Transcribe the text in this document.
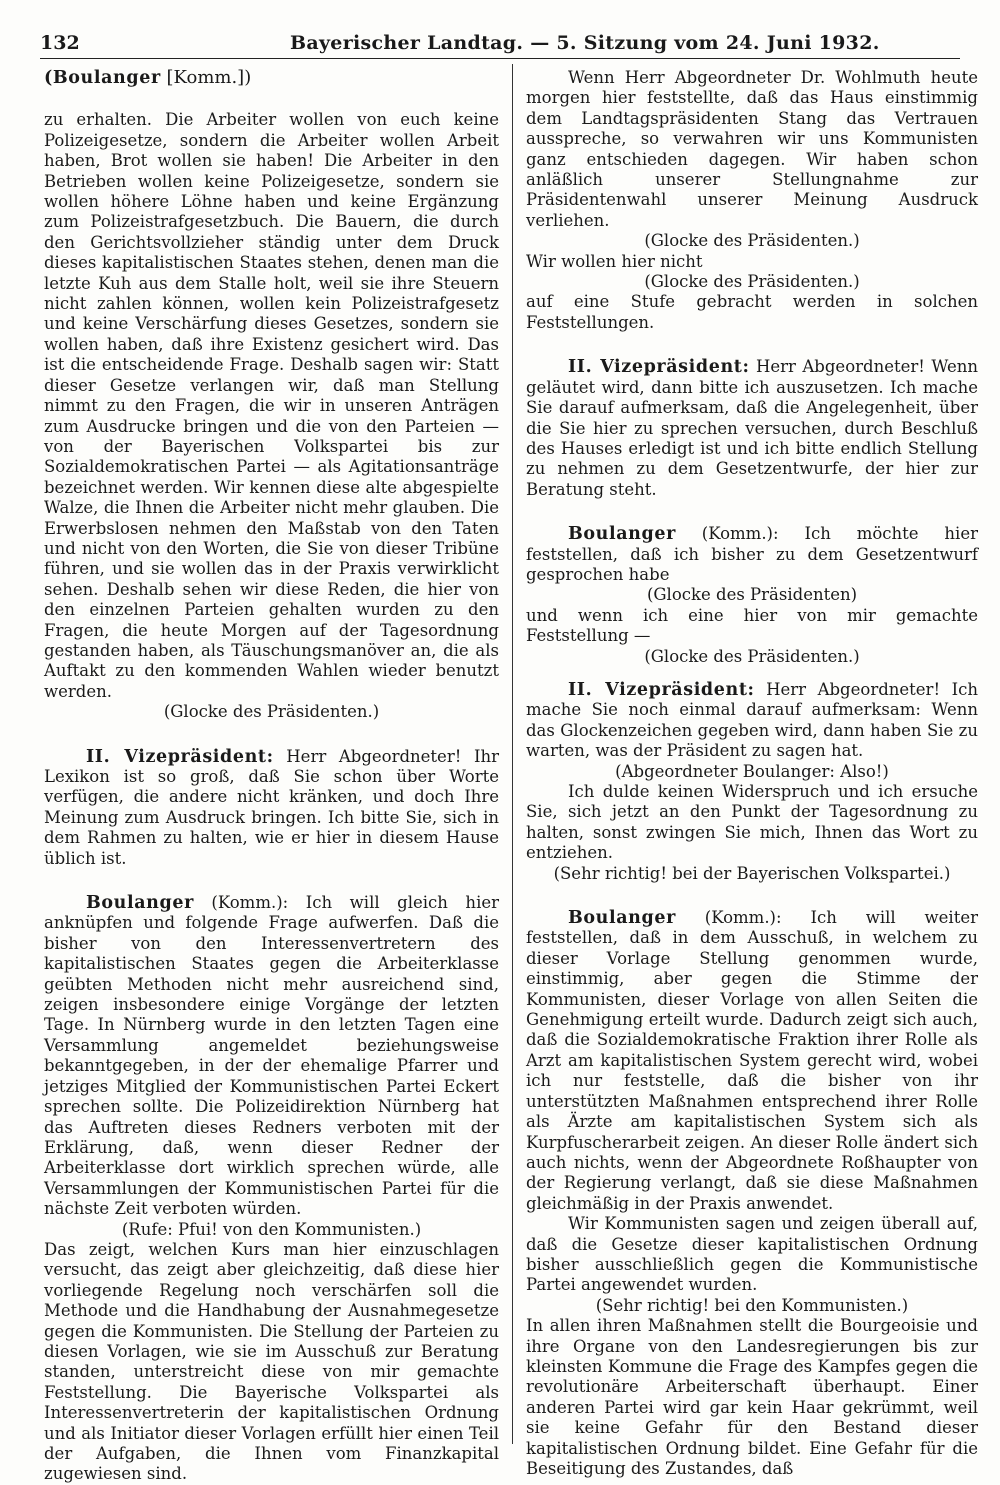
132	Bayerischer Landtag. — 5. Sitzung vom 24. Juni 1932.

(Boulanger [Komm.])

zu erhalten. Die Arbeiter wollen von euch keine Polizeigesetze, sondern die Arbeiter wollen Arbeit haben, Brot wollen sie haben! Die Arbeiter in den Betrieben wollen keine Polizeigesetze, sondern sie wollen höhere Löhne haben und keine Ergänzung zum Polizeistrafgesetzbuch. Die Bauern, die durch den Gerichtsvollzieher ständig unter dem Druck dieses kapitalistischen Staates stehen, denen man die letzte Kuh aus dem Stalle holt, weil sie ihre Steuern nicht zahlen können, wollen kein Polizeistrafgesetz und keine Verschärfung dieses Gesetzes, sondern sie wollen haben, daß ihre Existenz gesichert wird. Das ist die entscheidende Frage. Deshalb sagen wir: Statt dieser Gesetze verlangen wir, daß man Stellung nimmt zu den Fragen, die wir in unseren Anträgen zum Ausdrucke bringen und die von den Parteien — von der Bayerischen Volkspartei bis zur Sozialdemokratischen Partei — als Agitationsanträge bezeichnet werden. Wir kennen diese alte abgespielte Walze, die Ihnen die Arbeiter nicht mehr glauben. Die Erwerbslosen nehmen den Maßstab von den Taten und nicht von den Worten, die Sie von dieser Tribüne führen, und sie wollen das in der Praxis verwirklicht sehen. Deshalb sehen wir diese Reden, die hier von den einzelnen Parteien gehalten wurden zu den Fragen, die heute Morgen auf der Tagesordnung gestanden haben, als Täuschungsmanöver an, die als Auftakt zu den kommenden Wahlen wieder benutzt werden.

(Glocke des Präsidenten.)

II. Vizepräsident: Herr Abgeordneter! Ihr Lexikon ist so groß, daß Sie schon über Worte verfügen, die andere nicht kränken, und doch Ihre Meinung zum Ausdruck bringen. Ich bitte Sie, sich in dem Rahmen zu halten, wie er hier in diesem Hause üblich ist.

Boulanger (Komm.): Ich will gleich hier anknüpfen und folgende Frage aufwerfen. Daß die bisher von den Interessenvertretern des kapitalistischen Staates gegen die Arbeiterklasse geübten Methoden nicht mehr ausreichend sind, zeigen insbesondere einige Vorgänge der letzten Tage. In Nürnberg wurde in den letzten Tagen eine Versammlung angemeldet beziehungsweise bekanntgegeben, in der der ehemalige Pfarrer und jetziges Mitglied der Kommunistischen Partei Eckert sprechen sollte. Die Polizeidirektion Nürnberg hat das Auftreten dieses Redners verboten mit der Erklärung, daß, wenn dieser Redner der Arbeiterklasse dort wirklich sprechen würde, alle Versammlungen der Kommunistischen Partei für die nächste Zeit verboten würden.

(Rufe: Pfui! von den Kommunisten.)

Das zeigt, welchen Kurs man hier einzuschlagen versucht, das zeigt aber gleichzeitig, daß diese hier vorliegende Regelung noch verschärfen soll die Methode und die Handhabung der Ausnahmegesetze gegen die Kommunisten. Die Stellung der Parteien zu diesen Vorlagen, wie sie im Ausschuß zur Beratung standen, unterstreicht diese von mir gemachte Feststellung. Die Bayerische Volkspartei als Interessenvertreterin der kapitalistischen Ordnung und als Initiator dieser Vorlagen erfüllt hier einen Teil der Aufgaben, die Ihnen vom Finanzkapital zugewiesen sind.

Wenn Herr Abgeordneter Dr. Wohlmuth heute morgen hier feststellte, daß das Haus einstimmig dem Landtagspräsidenten Stang das Vertrauen ausspreche, so verwahren wir uns Kommunisten ganz entschieden dagegen. Wir haben schon anläßlich unserer Stellungnahme zur Präsidentenwahl unserer Meinung Ausdruck verliehen.

(Glocke des Präsidenten.)

Wir wollen hier nicht

(Glocke des Präsidenten.)

auf eine Stufe gebracht werden in solchen Feststellungen.

II. Vizepräsident: Herr Abgeordneter! Wenn geläutet wird, dann bitte ich auszusetzen. Ich mache Sie darauf aufmerksam, daß die Angelegenheit, über die Sie hier zu sprechen versuchen, durch Beschluß des Hauses erledigt ist und ich bitte endlich Stellung zu nehmen zu dem Gesetzentwurfe, der hier zur Beratung steht.

Boulanger (Komm.): Ich möchte hier feststellen, daß ich bisher zu dem Gesetzentwurf gesprochen habe

(Glocke des Präsidenten)

und wenn ich eine hier von mir gemachte Feststellung —

(Glocke des Präsidenten.)

II. Vizepräsident: Herr Abgeordneter! Ich mache Sie noch einmal darauf aufmerksam: Wenn das Glockenzeichen gegeben wird, dann haben Sie zu warten, was der Präsident zu sagen hat.

(Abgeordneter Boulanger: Also!)

Ich dulde keinen Widerspruch und ich ersuche Sie, sich jetzt an den Punkt der Tagesordnung zu halten, sonst zwingen Sie mich, Ihnen das Wort zu entziehen.

(Sehr richtig! bei der Bayerischen Volkspartei.)

Boulanger (Komm.): Ich will weiter feststellen, daß in dem Ausschuß, in welchem zu dieser Vorlage Stellung genommen wurde, einstimmig, aber gegen die Stimme der Kommunisten, dieser Vorlage von allen Seiten die Genehmigung erteilt wurde. Dadurch zeigt sich auch, daß die Sozialdemokratische Fraktion ihrer Rolle als Arzt am kapitalistischen System gerecht wird, wobei ich nur feststelle, daß die bisher von ihr unterstützten Maßnahmen entsprechend ihrer Rolle als Ärzte am kapitalistischen System sich als Kurpfuscherarbeit zeigen. An dieser Rolle ändert sich auch nichts, wenn der Abgeordnete Roßhaupter von der Regierung verlangt, daß sie diese Maßnahmen gleichmäßig in der Praxis anwendet.

Wir Kommunisten sagen und zeigen überall auf, daß die Gesetze dieser kapitalistischen Ordnung bisher ausschließlich gegen die Kommunistische Partei angewendet wurden.

(Sehr richtig! bei den Kommunisten.)

In allen ihren Maßnahmen stellt die Bourgeoisie und ihre Organe von den Landesregierungen bis zur kleinsten Kommune die Frage des Kampfes gegen die revolutionäre Arbeiterschaft überhaupt. Einer anderen Partei wird gar kein Haar gekrümmt, weil sie keine Gefahr für den Bestand dieser kapitalistischen Ordnung bildet. Eine Gefahr für die Beseitigung des Zustandes, daß
